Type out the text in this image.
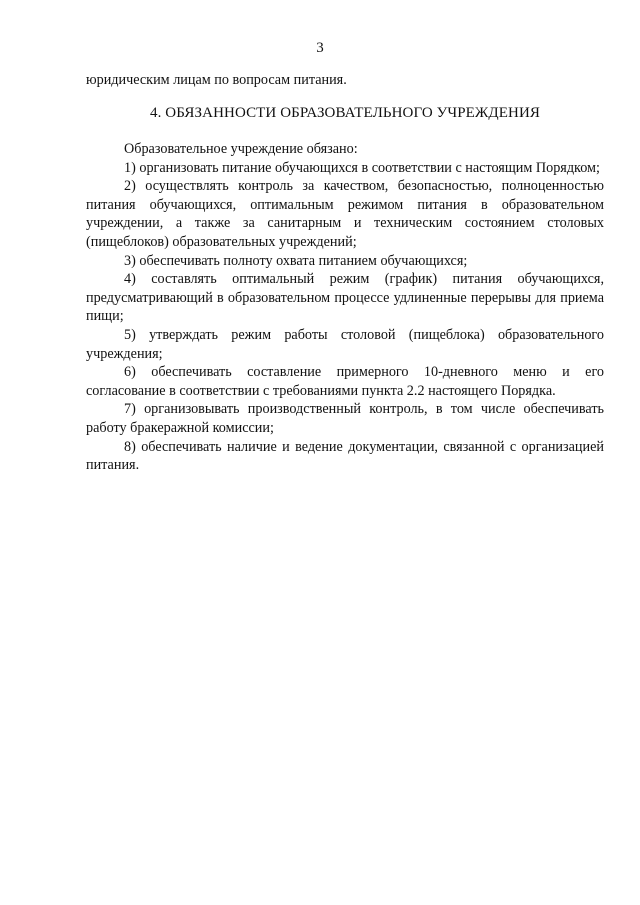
3
юридическим лицам по вопросам питания.
4. ОБЯЗАННОСТИ ОБРАЗОВАТЕЛЬНОГО УЧРЕЖДЕНИЯ

Образовательное учреждение обязано:

1) организовать питание обучающихся в соответствии с настоящим Порядком;

2) осуществлять контроль за качеством, безопасностью, полноценностью питания обучающихся, оптимальным режимом питания в образовательном учреждении, а также за санитарным и техническим состоянием столовых (пищеблоков) образовательных учреждений;

3) обеспечивать полноту охвата питанием обучающихся;

4) составлять оптимальный режим (график) питания обучающихся, предусматривающий в образовательном процессе удлиненные перерывы для приема пищи;

5) утверждать режим работы столовой (пищеблока) образовательного учреждения;

6) обеспечивать составление примерного 10-дневного меню и его согласование в соответствии с требованиями пункта 2.2 настоящего Порядка.

7) организовывать производственный контроль, в том числе обеспечивать работу бракеражной комиссии;

8) обеспечивать наличие и ведение документации, связанной с организацией питания.
